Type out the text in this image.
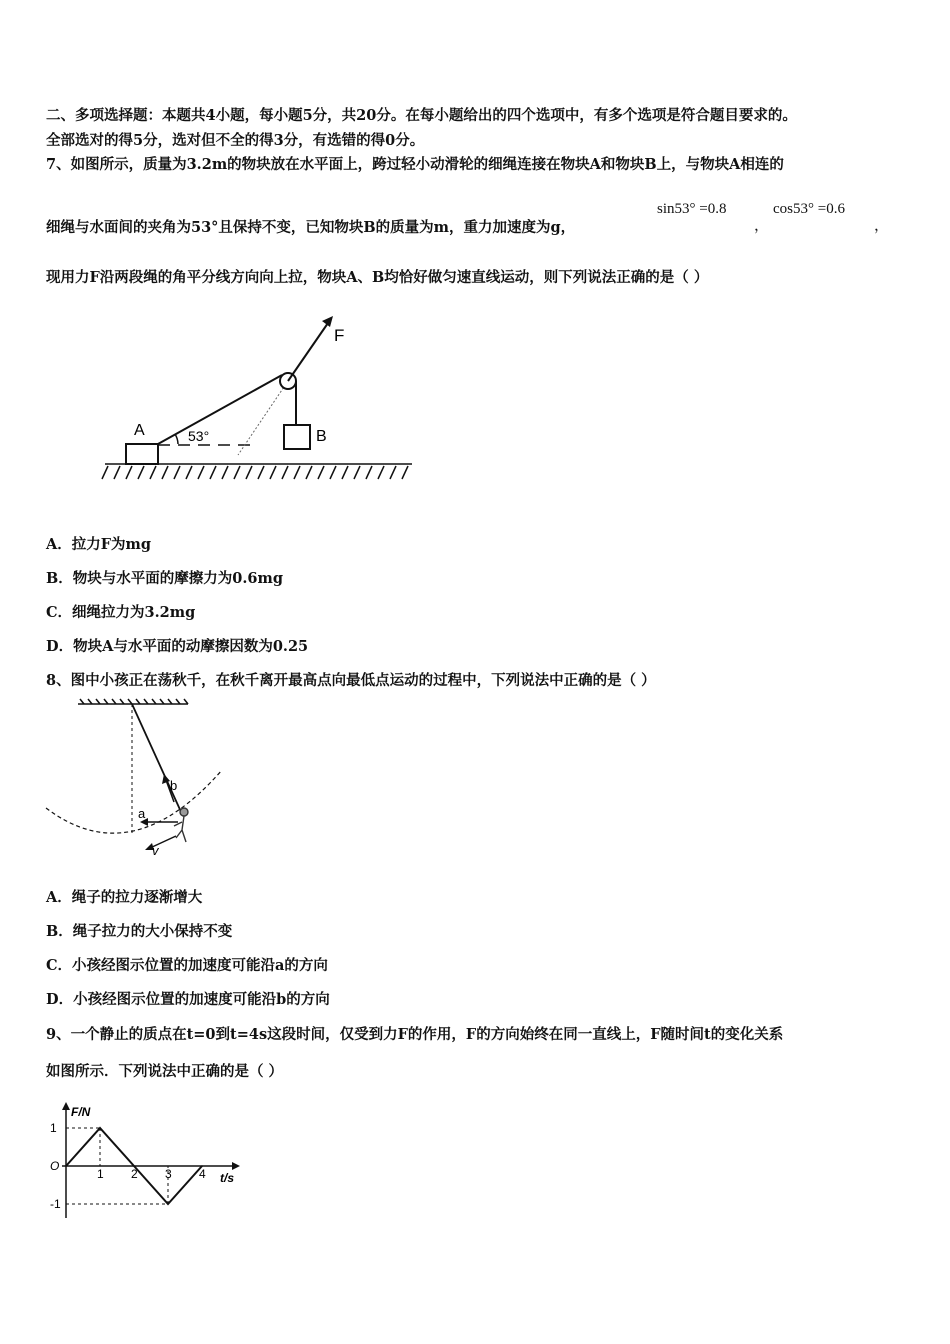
二、多项选择题：本题共4小题，每小题5分，共20分。在每小题给出的四个选项中，有多个选项是符合题目要求的。
全部选对的得5分，选对但不全的得3分，有选错的得0分。
7、如图所示，质量为3.2m的物块放在水平面上，跨过轻小动滑轮的细绳连接在物块A和物块B上，与物块A相连的
细绳与水面间的夹角为53°且保持不变，已知物块B的质量为m，重力加速度为g，
sin53° =0.8
，
cos53° =0.6
，
现用力F沿两段绳的角平分线方向向上拉，物块A、B均恰好做匀速直线运动，则下列说法正确的是（ ）
A	53°	B
F
A．拉力F为mg
B．物块与水平面的摩擦力为0.6mg
C．细绳拉力为3.2mg
D．物块A与水平面的动摩擦因数为0.25
8、图中小孩正在荡秋千，在秋千离开最高点向最低点运动的过程中，下列说法中正确的是（ ）
b
a
v
A．绳子的拉力逐渐增大
B．绳子拉力的大小保持不变
C．小孩经图示位置的加速度可能沿a的方向
D．小孩经图示位置的加速度可能沿b的方向
9、一个静止的质点在t=0到t=4s这段时间，仅受到力F的作用，F的方向始终在同一直线上，F随时间t的变化关系
如图所示．下列说法中正确的是（ ）
F/N
t/s
1 2 3 4
1
O
-1
